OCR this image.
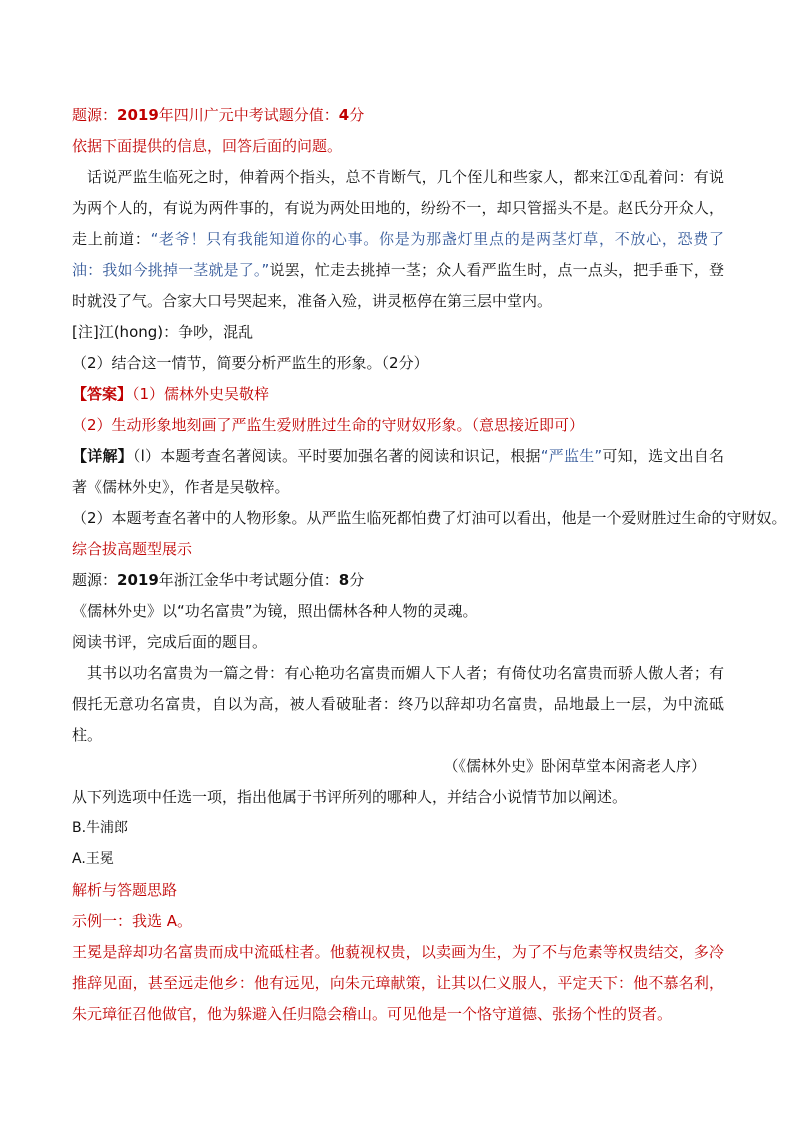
题源：2019年四川广元中考试题分值：4分
依据下面提供的信息，回答后面的问题。

话说严监生临死之时，伸着两个指头，总不肯断气，几个侄儿和些家人，都来江①乱着问：有说为两个人的，有说为两件事的，有说为两处田地的，纷纷不一，却只管摇头不是。赵氏分开众人，走上前道：“老爷！只有我能知道你的心事。你是为那盏灯里点的是两茎灯草，不放心，恐费了油：我如今挑掉一茎就是了。”说罢，忙走去挑掉一茎；众人看严监生时，点一点头，把手垂下，登时就没了气。合家大口号哭起来，准备入殓，讲灵柩停在第三层中堂内。

[注]江(hong)：争吵，混乱
（2）结合这一情节，简要分析严监生的形象。（2分）
【答案】（1）儒林外史吴敬梓
（2）生动形象地刻画了严监生爱财胜过生命的守财奴形象。（意思接近即可）

【详解】（l）本题考查名著阅读。平时要加强名著的阅读和识记，根据“严监生”可知，选文出自名著《儒林外史》，作者是吴敬梓。

（2）本题考查名著中的人物形象。从严监生临死都怕费了灯油可以看出，他是一个爱财胜过生命的守财奴。
综合拔高题型展示
题源：2019年浙江金华中考试题分值：8分
《儒林外史》以“功名富贵”为镜，照出儒林各种人物的灵魂。
阅读书评，完成后面的题目。

其书以功名富贵为一篇之骨：有心艳功名富贵而媚人下人者；有倚仗功名富贵而骄人傲人者；有假托无意功名富贵，自以为高，被人看破耻者：终乃以辞却功名富贵，品地最上一层，为中流砥柱。

（《儒林外史》卧闲草堂本闲斋老人序）
从下列选项中任选一项，指出他属于书评所列的哪种人，并结合小说情节加以阐述。
B.牛浦郎
A.王冕
解析与答题思路
示例一：我选 A。

王冕是辞却功名富贵而成中流砥柱者。他藐视权贵，以卖画为生，为了不与危素等权贵结交，多冷推辞见面，甚至远走他乡：他有远见，向朱元璋献策，让其以仁义服人，平定天下：他不慕名利，朱元璋征召他做官，他为躲避入任归隐会稽山。可见他是一个恪守道德、张扬个性的贤者。
